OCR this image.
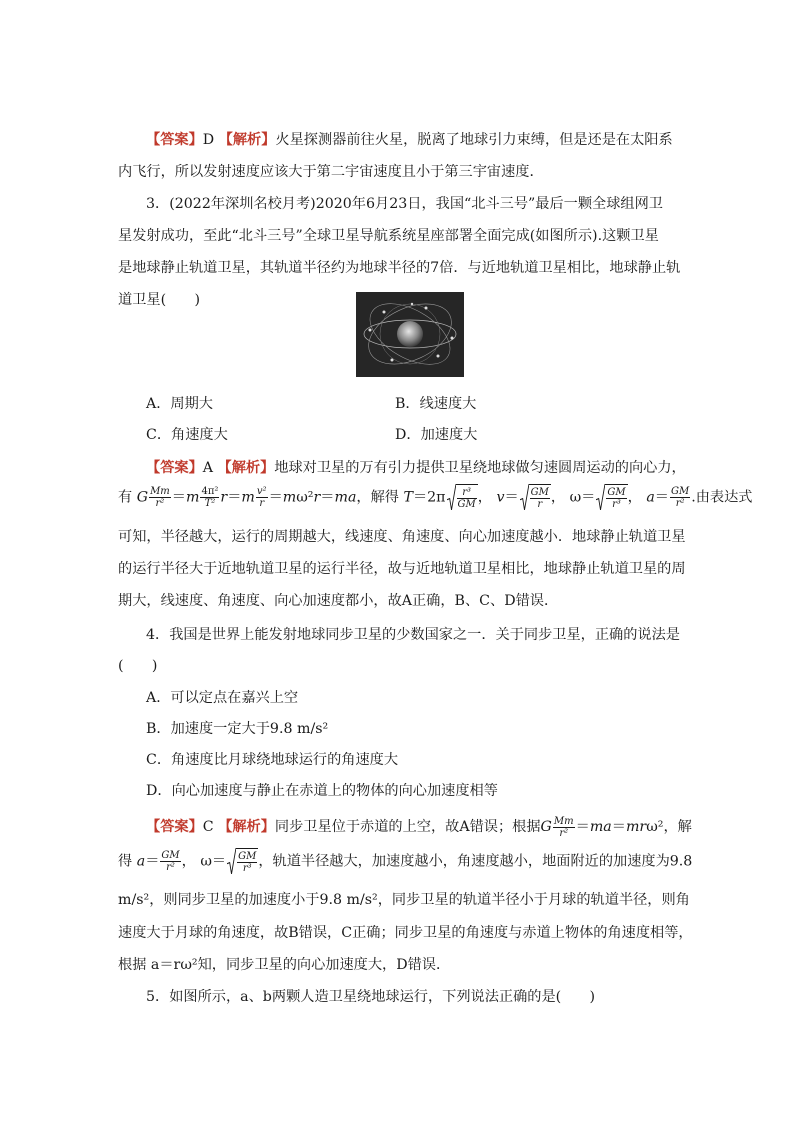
【答案】D 【解析】火星探测器前往火星，脱离了地球引力束缚，但是还是在太阳系
内飞行，所以发射速度应该大于第二宇宙速度且小于第三宇宙速度．
3．(2022年深圳名校月考)2020年6月23日，我国“北斗三号”最后一颗全球组网卫
星发射成功，至此“北斗三号”全球卫星导航系统星座部署全面完成(如图所示).这颗卫星
是地球静止轨道卫星，其轨道半径约为地球半径的7倍．与近地轨道卫星相比，地球静止轨
道卫星(　　)
A．周期大	B．线速度大
C．角速度大	D．加速度大
【答案】A 【解析】地球对卫星的万有引力提供卫星绕地球做匀速圆周运动的向心力，
有 G $\frac{Mm}{\text{r²}} =m \frac{\text{4π²}}{\text{T²}} r=m \frac{\text{v²}}{r} =m\omega^2r=ma$，解得 $T=2\pi \frac{\text{r³}}{GM}$ ， $v= \frac{GM}{r}$ ， $\omega= \frac{GM}{\text{r³}}$ ， $a= \frac{GM}{\text{r²}}$ .由表达式
可知，半径越大，运行的周期越大，线速度、角速度、向心加速度越小．地球静止轨道卫星
的运行半径大于近地轨道卫星的运行半径，故与近地轨道卫星相比，地球静止轨道卫星的周
期大，线速度、角速度、向心加速度都小，故A正确，B、C、D错误．
4．我国是世界上能发射地球同步卫星的少数国家之一．关于同步卫星，正确的说法是
(　　)
A．可以定点在嘉兴上空
B．加速度一定大于9.8 m/s²
C．角速度比月球绕地球运行的角速度大
D．向心加速度与静止在赤道上的物体的向心加速度相等
【答案】C 【解析】同步卫星位于赤道的上空，故A错误；根据G $\frac{Mm}{\text{r²}} =ma=mr\omega^2$，解
得 $a= \frac{GM}{\text{r²}}$ ， $\omega= \frac{GM}{\text{r³}}$ ，轨道半径越大，加速度越小，角速度越小，地面附近的加速度为9.8
m/s²，则同步卫星的加速度小于9.8 m/s²，同步卫星的轨道半径小于月球的轨道半径，则角
速度大于月球的角速度，故B错误，C正确；同步卫星的角速度与赤道上物体的角速度相等，
根据 a＝rω²知，同步卫星的向心加速度大，D错误．
5．如图所示，a、b两颗人造卫星绕地球运行，下列说法正确的是(　　)
